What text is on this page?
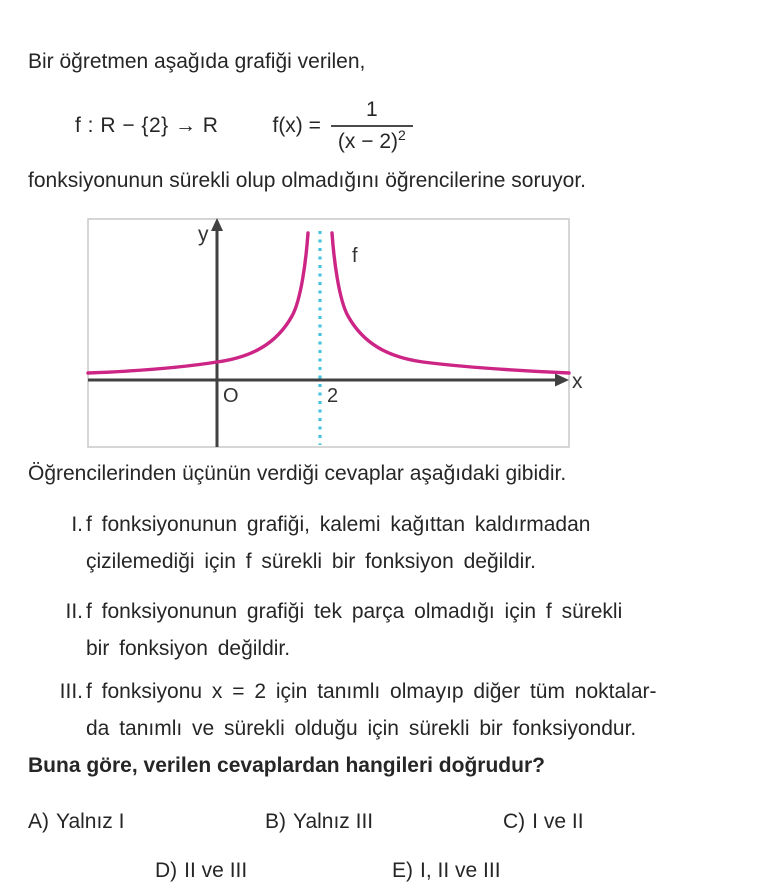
Bir öğretmen aşağıda grafiği verilen,
f : R − {2} → R	$f(x) = \frac{1}{(x - 2)^2}$
fonksiyonunun sürekli olup olmadığını öğrencilerine soruyor.
y
x
O	2
f
Öğrencilerinden üçünün verdiği cevaplar aşağıdaki gibidir.
I. f fonksiyonunun grafiği, kalemi kağıttan kaldırmadan
çizilemediği için f sürekli bir fonksiyon değildir.
II. f fonksiyonunun grafiği tek parça olmadığı için f sürekli
bir fonksiyon değildir.
III. f fonksiyonu x = 2 için tanımlı olmayıp diğer tüm noktalar-
da tanımlı ve sürekli olduğu için sürekli bir fonksiyondur.
Buna göre, verilen cevaplardan hangileri doğrudur?
A) Yalnız I	B) Yalnız III	C) I ve II
D) II ve III	E) I, II ve III
